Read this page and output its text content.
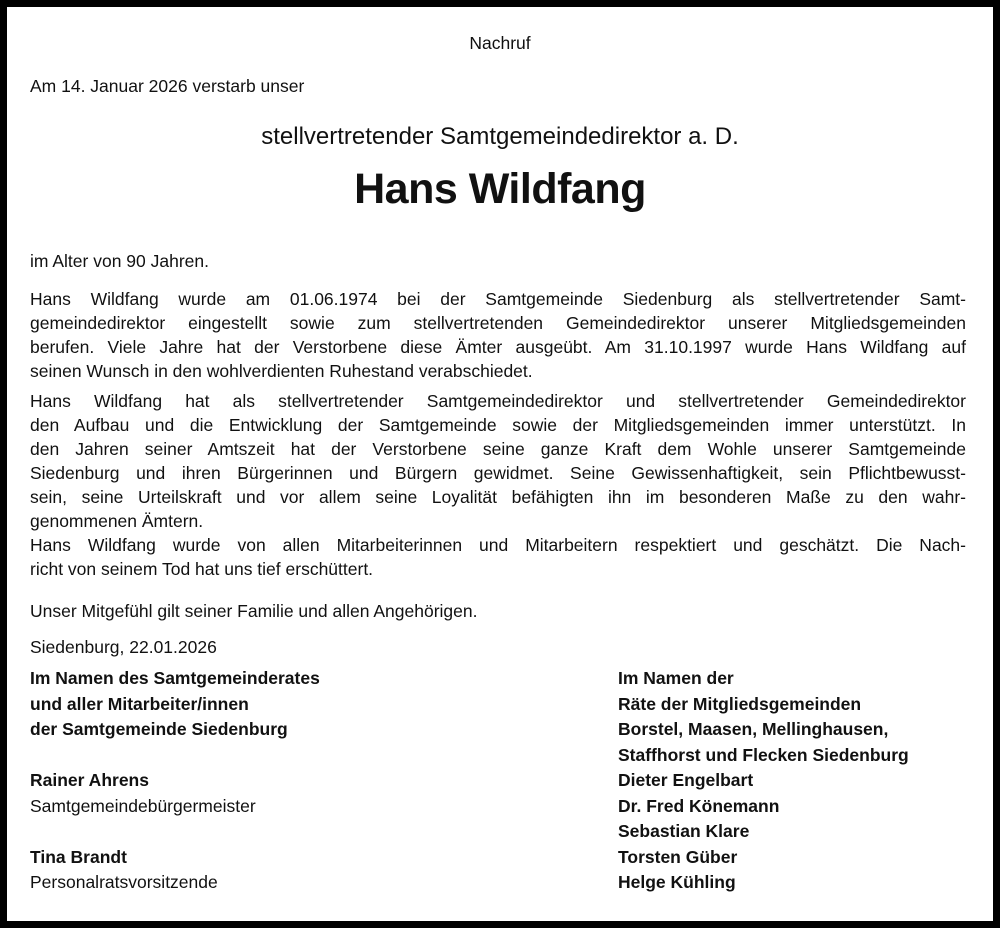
Nachruf
Am 14. Januar 2026 verstarb unser
stellvertretender Samtgemeindedirektor a. D.
Hans Wildfang
im Alter von 90 Jahren.
Hans Wildfang wurde am 01.06.1974 bei der Samtgemeinde Siedenburg als stellvertretender Samt-
gemeindedirektor eingestellt sowie zum stellvertretenden Gemeindedirektor unserer Mitgliedsgemeinden
berufen. Viele Jahre hat der Verstorbene diese Ämter ausgeübt. Am 31.10.1997 wurde Hans Wildfang auf
seinen Wunsch in den wohlverdienten Ruhestand verabschiedet.
Hans Wildfang hat als stellvertretender Samtgemeindedirektor und stellvertretender Gemeindedirektor
den Aufbau und die Entwicklung der Samtgemeinde sowie der Mitgliedsgemeinden immer unterstützt. In
den Jahren seiner Amtszeit hat der Verstorbene seine ganze Kraft dem Wohle unserer Samtgemeinde
Siedenburg und ihren Bürgerinnen und Bürgern gewidmet. Seine Gewissenhaftigkeit, sein Pflichtbewusst-
sein, seine Urteilskraft und vor allem seine Loyalität befähigten ihn im besonderen Maße zu den wahr-
genommenen Ämtern.
Hans Wildfang wurde von allen Mitarbeiterinnen und Mitarbeitern respektiert und geschätzt. Die Nach-
richt von seinem Tod hat uns tief erschüttert.
Unser Mitgefühl gilt seiner Familie und allen Angehörigen.
Siedenburg, 22.01.2026
Im Namen des Samtgemeinderates
und aller Mitarbeiter/innen
der Samtgemeinde Siedenburg
Rainer Ahrens
Samtgemeindebürgermeister
Tina Brandt
Personalratsvorsitzende
Im Namen der
Räte der Mitgliedsgemeinden
Borstel, Maasen, Mellinghausen,
Staffhorst und Flecken Siedenburg
Dieter Engelbart
Dr. Fred Könemann
Sebastian Klare
Torsten Güber
Helge Kühling
